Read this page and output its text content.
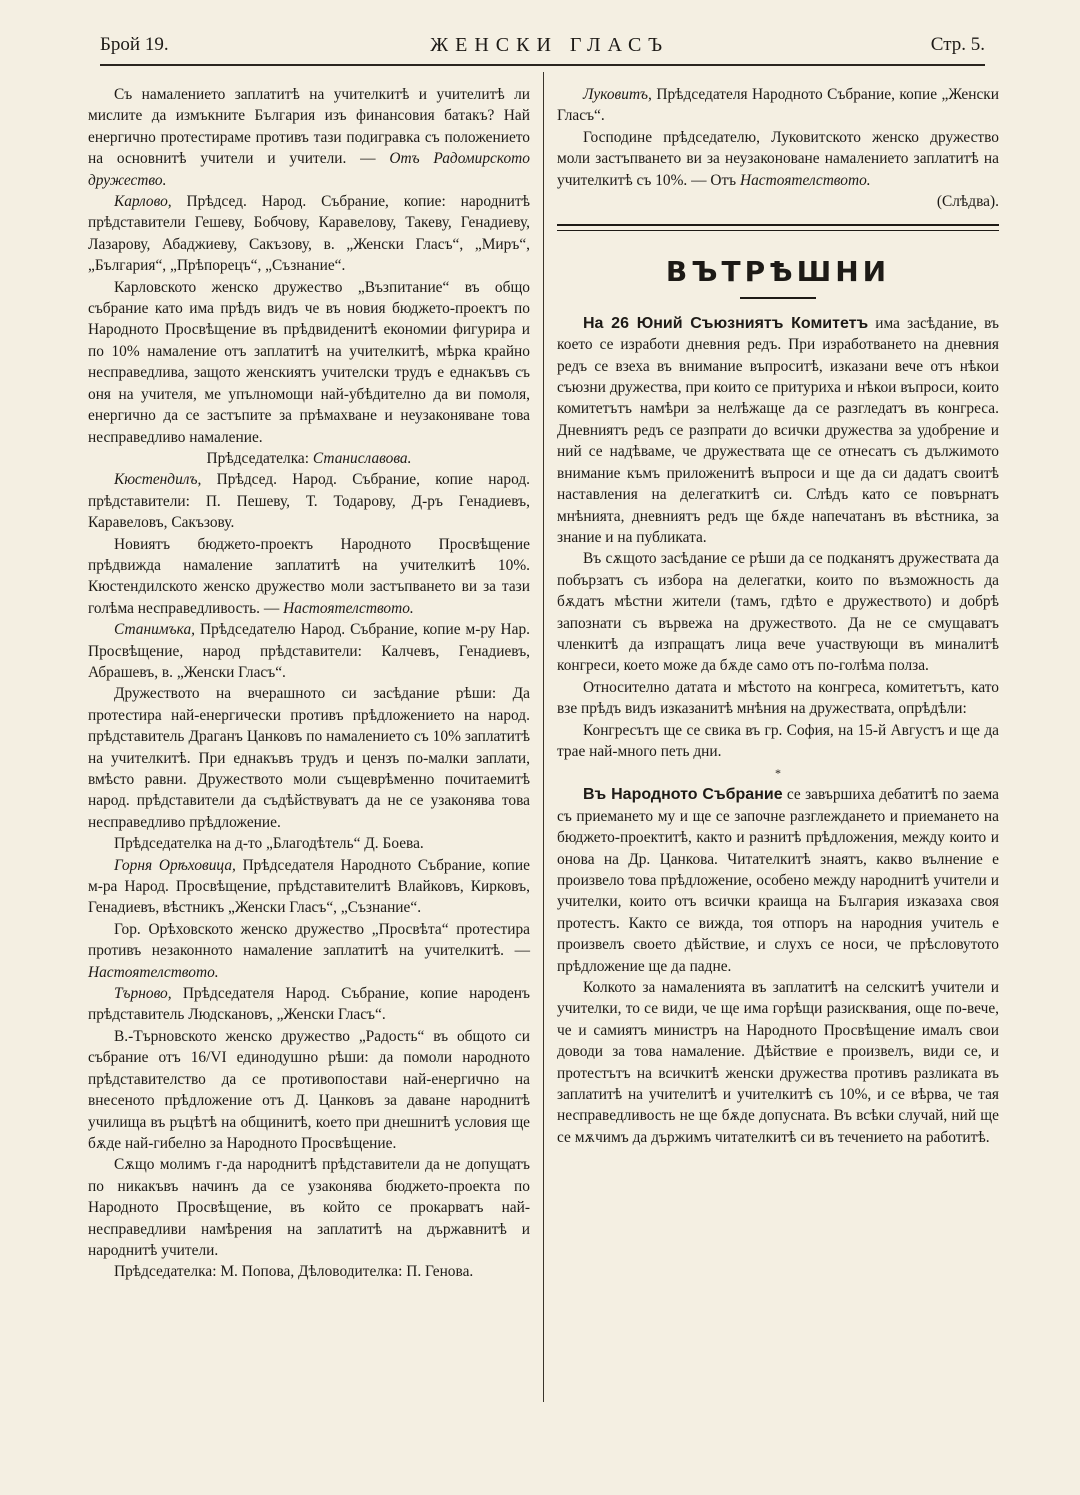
Брой 19.	ЖЕНСКИ ГЛАСЪ	Стр. 5.

Съ намалението заплатитѣ на учителкитѣ и учителитѣ ли мислите да измъкните България изъ финансовия батакъ? Най енергично протестираме противъ тази подигравка съ положението на основнитѣ учители и учители. — Отъ Радомирското дружество.

Карлово, Прѣдсед. Народ. Събрание, копие: народнитѣ прѣдставители Гешеву, Бобчову, Каравелову, Такеву, Генадиеву, Лазарову, Абаджиеву, Сакъзову, в. „Женски Гласъ“, „Миръ“, „България“, „Прѣпорецъ“, „Съзнание“.

Карловското женско дружество „Възпитание“ въ общо събрание като има прѣдъ видъ че въ новия бюджето-проектъ по Народното Просвѣщение въ прѣдвиденитѣ економии фигурира и по 10% намаление отъ заплатитѣ на учителкитѣ, мѣрка крайно несправедлива, защото женскиятъ учителски трудъ е еднакъвъ съ оня на учителя, ме упълномощи най-убѣдително да ви помоля, енергично да се застъпите за прѣмахване и неузаконяване това несправедливо намаление.

Прѣдседателка: Станиславова.

Кюстендилъ, Прѣдсед. Народ. Събрание, копие народ. прѣдставители: П. Пешеву, Т. Тодарову, Д-ръ Генадиевъ, Каравеловъ, Сакъзову.

Новиятъ бюджето-проектъ Народното Просвѣщение прѣдвижда намаление заплатитѣ на учителкитѣ 10%. Кюстендилското женско дружество моли застъпването ви за тази голѣма несправедливость. — Настоятелството.

Станимъка, Прѣдседателю Народ. Събрание, копие м-ру Нар. Просвѣщение, народ прѣдставители: Калчевъ, Генадиевъ, Абрашевъ, в. „Женски Гласъ“.

Дружеството на вчерашното си засѣдание рѣши: Да протестира най-енергически противъ прѣдложението на народ. прѣдставитель Драганъ Цанковъ по намалението съ 10% заплатитѣ на учителкитѣ. При еднакъвъ трудъ и цензъ по-малки заплати, вмѣсто равни. Дружеството моли същеврѣменно почитаемитѣ народ. прѣдставители да съдѣйствуватъ да не се узаконява това несправедливо прѣдложение.

Прѣдседателка на д-то „Благодѣтель“ Д. Боева.

Горня Орѣховица, Прѣдседателя Народното Събрание, копие м-ра Народ. Просвѣщение, прѣдставителитѣ Влайковъ, Кирковъ, Генадиевъ, вѣстникъ „Женски Гласъ“, „Съзнание“.

Гор. Орѣховското женско дружество „Просвѣта“ протестира противъ незаконното намаление заплатитѣ на учителкитѣ. — Настоятелството.

Търново, Прѣдседателя Народ. Събрание, копие народенъ прѣдставитель Людскановъ, „Женски Гласъ“.

В.-Търновското женско дружество „Радость“ въ общото си събрание отъ 16/VI единодушно рѣши: да помоли народното прѣдставителство да се противопостави най-енергично на внесеното прѣдложение отъ Д. Цанковъ за даване народнитѣ училища въ ръцѣтѣ на общинитѣ, което при днешнитѣ условия ще бѫде най-гибелно за Народното Просвѣщение.

Сѫщо молимъ г-да народнитѣ прѣдставители да не допущатъ по никакъвъ начинъ да се узаконява бюджето-проекта по Народното Просвѣщение, въ който се прокарватъ най-несправедливи намѣрения на заплатитѣ на държавнитѣ и народнитѣ учители.

Прѣдседателка: М. Попова, Дѣловодителка: П. Генова.

Луковитъ, Прѣдседателя Народното Събрание, копие „Женски Гласъ“.

Господине прѣдседателю, Луковитското женско дружество моли застъпването ви за неузаконоване намалението заплатитѣ на учителкитѣ съ 10%. — Отъ Настоятелството.

(Слѣдва).

ВЪТРѢШНИ

На 26 Юний Съюзниятъ Комитетъ има засѣдание, въ което се изработи дневния редъ. При изработването на дневния редъ се взеха въ внимание въпроситѣ, изказани вече отъ нѣкои съюзни дружества, при които се притуриха и нѣкои въпроси, които комитетътъ намѣри за нелѣжаще да се разгледатъ въ конгреса. Дневниятъ редъ се разпрати до всички дружества за удобрение и ний се надѣваме, че дружествата ще се отнесатъ съ дължимото внимание къмъ приложенитѣ въпроси и ще да си дадатъ своитѣ наставления на делегаткитѣ си. Слѣдъ като се повърнатъ мнѣнията, дневниятъ редъ ще бѫде напечатанъ въ вѣстника, за знание и на публиката.

Въ сѫщото засѣдание се рѣши да се подканятъ дружествата да побързатъ съ избора на делегатки, които по възможность да бѫдатъ мѣстни жители (тамъ, гдѣто е дружеството) и добрѣ запознати съ вървежа на дружеството. Да не се смущаватъ членкитѣ да изпращатъ лица вече участвующи въ миналитѣ конгреси, което може да бѫде само отъ по-голѣма полза.

Относително датата и мѣстото на конгреса, комитетътъ, като взе прѣдъ видъ изказанитѣ мнѣния на дружествата, опрѣдѣли:

Конгресътъ ще се свика въ гр. София, на 15-й Августъ и ще да трае най-много петь дни.

*

Въ Народното Събрание се завършиха дебатитѣ по заема съ приемането му и ще се започне разглеждането и приемането на бюджето-проектитѣ, както и разнитѣ прѣдложения, между които и онова на Др. Цанкова. Читателкитѣ знаятъ, какво вълнение е произвело това прѣдложение, особено между народнитѣ учители и учителки, които отъ всички краища на България изказаха своя протестъ. Както се вижда, тоя отпоръ на народния учитель е произвелъ своето дѣйствие, и слухъ се носи, че прѣсловутото прѣдложение ще да падне.

Колкото за намаленията въ заплатитѣ на селскитѣ учители и учителки, то се види, че ще има горѣщи разисквания, още по-вече, че и самиятъ министръ на Народното Просвѣщение ималъ свои доводи за това намаление. Дѣйствие е произвелъ, види се, и протестътъ на всичкитѣ женски дружества противъ разликата въ заплатитѣ на учителитѣ и учителкитѣ съ 10%, и се вѣрва, че тая несправедливость не ще бѫде допусната. Въ всѣки случай, ний ще се мѫчимъ да държимъ читателкитѣ си въ течението на работитѣ.
